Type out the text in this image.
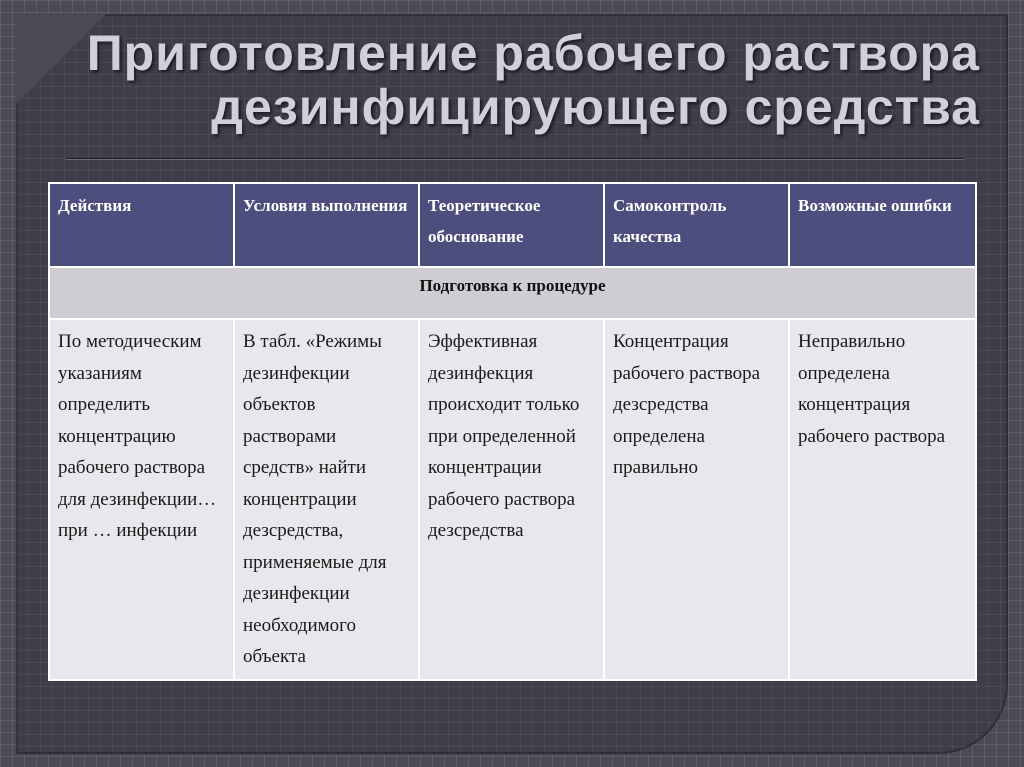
Приготовление рабочего раствора
дезинфицирующего средства
Действия	Условия выполнения	Теоретическое обоснование	Самоконтроль качества	Возможные ошибки
Подготовка к процедуре				
По методическим указаниям определить концентрацию рабочего раствора для дезинфекции… при … инфекции	В табл. «Режимы дезинфекции объектов растворами средств» найти концентрации дезсредства, применяемые для дезинфекции необходимого объекта	Эффективная дезинфекция происходит только при определенной концентрации рабочего раствора дезсредства	Концентрация рабочего раствора дезсредства определена правильно	Неправильно определена концентрация рабочего раствора
